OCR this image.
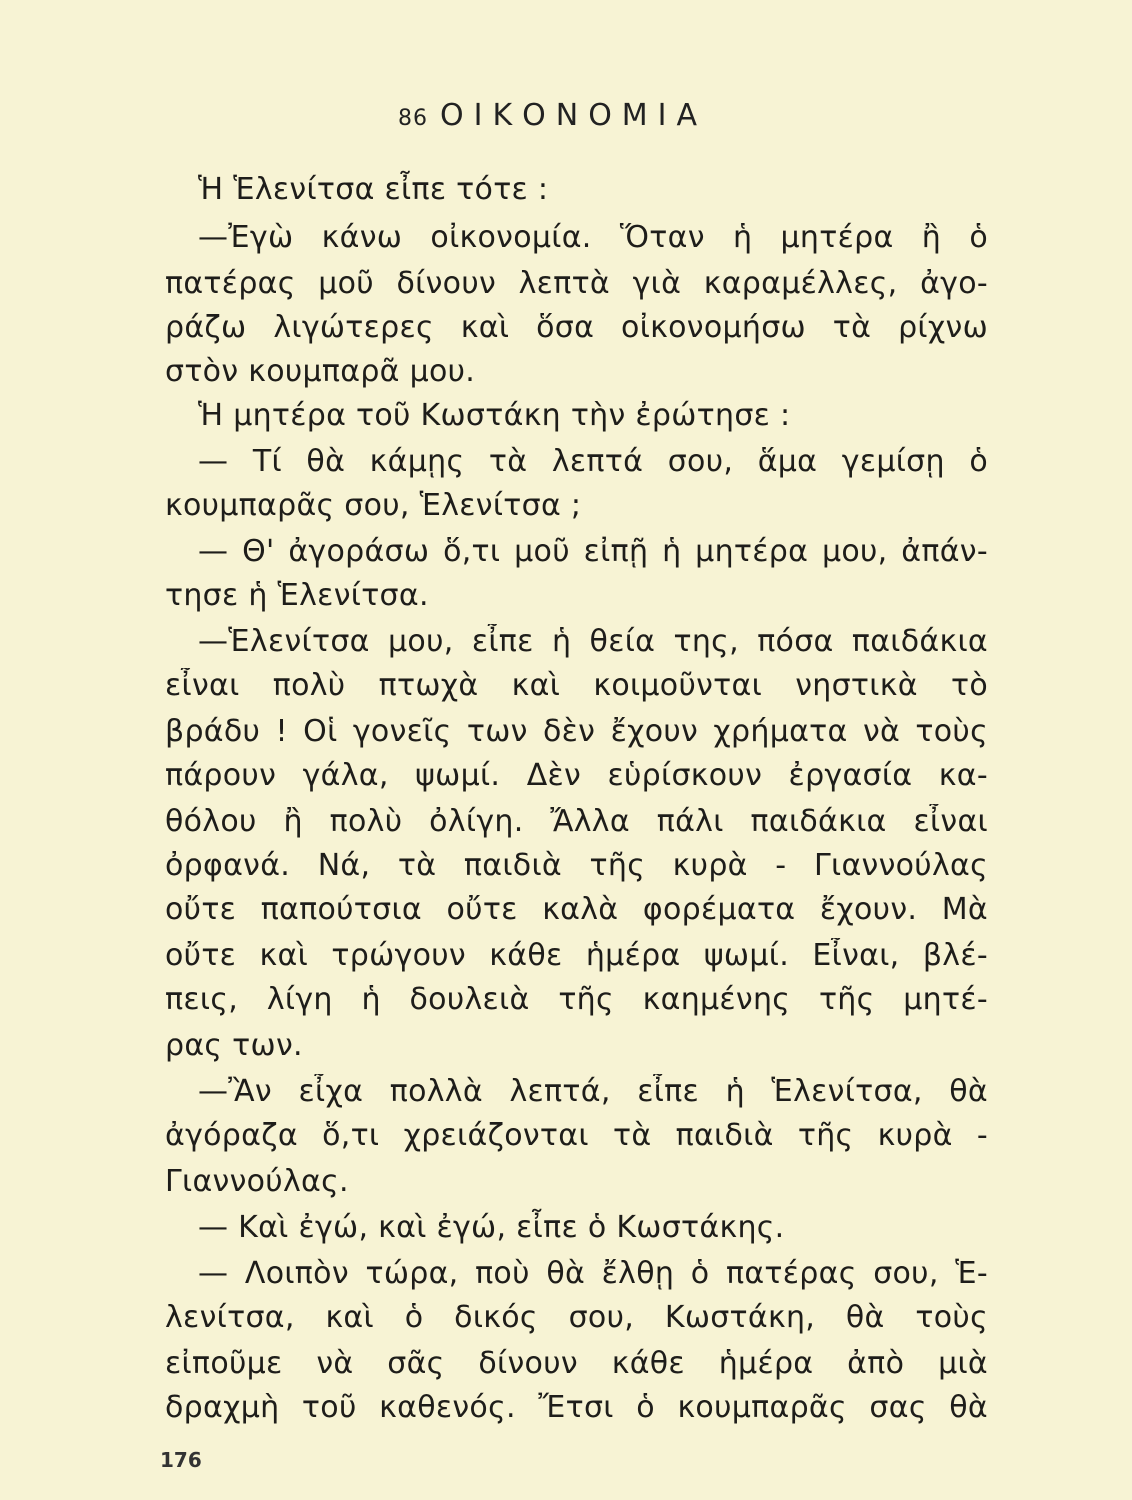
86 ΟΙΚΟΝΟΜΙΑ
Ἡ Ἑλενίτσα εἶπε τότε :
—Ἐγὼ κάνω οἰκονομία. Ὅταν ἡ μητέρα ἢ ὁ
πατέρας μοῦ δίνουν λεπτὰ γιὰ καραμέλλες, ἀγο-
ράζω λιγώτερες καὶ ὅσα οἰκονομήσω τὰ ρίχνω
στὸν κουμπαρᾶ μου.
Ἡ μητέρα τοῦ Κωστάκη τὴν ἐρώτησε :
— Τί θὰ κάμῃς τὰ λεπτά σου, ἅμα γεμίσῃ ὁ
κουμπαρᾶς σου, Ἑλενίτσα ;
— Θ' ἀγοράσω ὅ,τι μοῦ εἰπῇ ἡ μητέρα μου, ἀπάν-
τησε ἡ Ἑλενίτσα.
—Ἑλενίτσα μου, εἶπε ἡ θεία της, πόσα παιδάκια
εἶναι πολὺ πτωχὰ καὶ κοιμοῦνται νηστικὰ τὸ
βράδυ ! Οἱ γονεῖς των δὲν ἔχουν χρήματα νὰ τοὺς
πάρουν γάλα, ψωμί. Δὲν εὑρίσκουν ἐργασία κα-
θόλου ἢ πολὺ ὀλίγη. Ἄλλα πάλι παιδάκια εἶναι
ὀρφανά. Νά, τὰ παιδιὰ τῆς κυρὰ - Γιαννούλας
οὔτε παπούτσια οὔτε καλὰ φορέματα ἔχουν. Μὰ
οὔτε καὶ τρώγουν κάθε ἡμέρα ψωμί. Εἶναι, βλέ-
πεις, λίγη ἡ δουλειὰ τῆς καημένης τῆς μητέ-
ρας των.
—Ἂν εἶχα πολλὰ λεπτά, εἶπε ἡ Ἑλενίτσα, θὰ
ἀγόραζα ὅ,τι χρειάζονται τὰ παιδιὰ τῆς κυρὰ -
Γιαννούλας.
— Καὶ ἐγώ, καὶ ἐγώ, εἶπε ὁ Κωστάκης.
— Λοιπὸν τώρα, ποὺ θὰ ἔλθῃ ὁ πατέρας σου, Ἑ-
λενίτσα, καὶ ὁ δικός σου, Κωστάκη, θὰ τοὺς
εἰποῦμε νὰ σᾶς δίνουν κάθε ἡμέρα ἀπὸ μιὰ
δραχμὴ τοῦ καθενός. Ἔτσι ὁ κουμπαρᾶς σας θὰ
176
